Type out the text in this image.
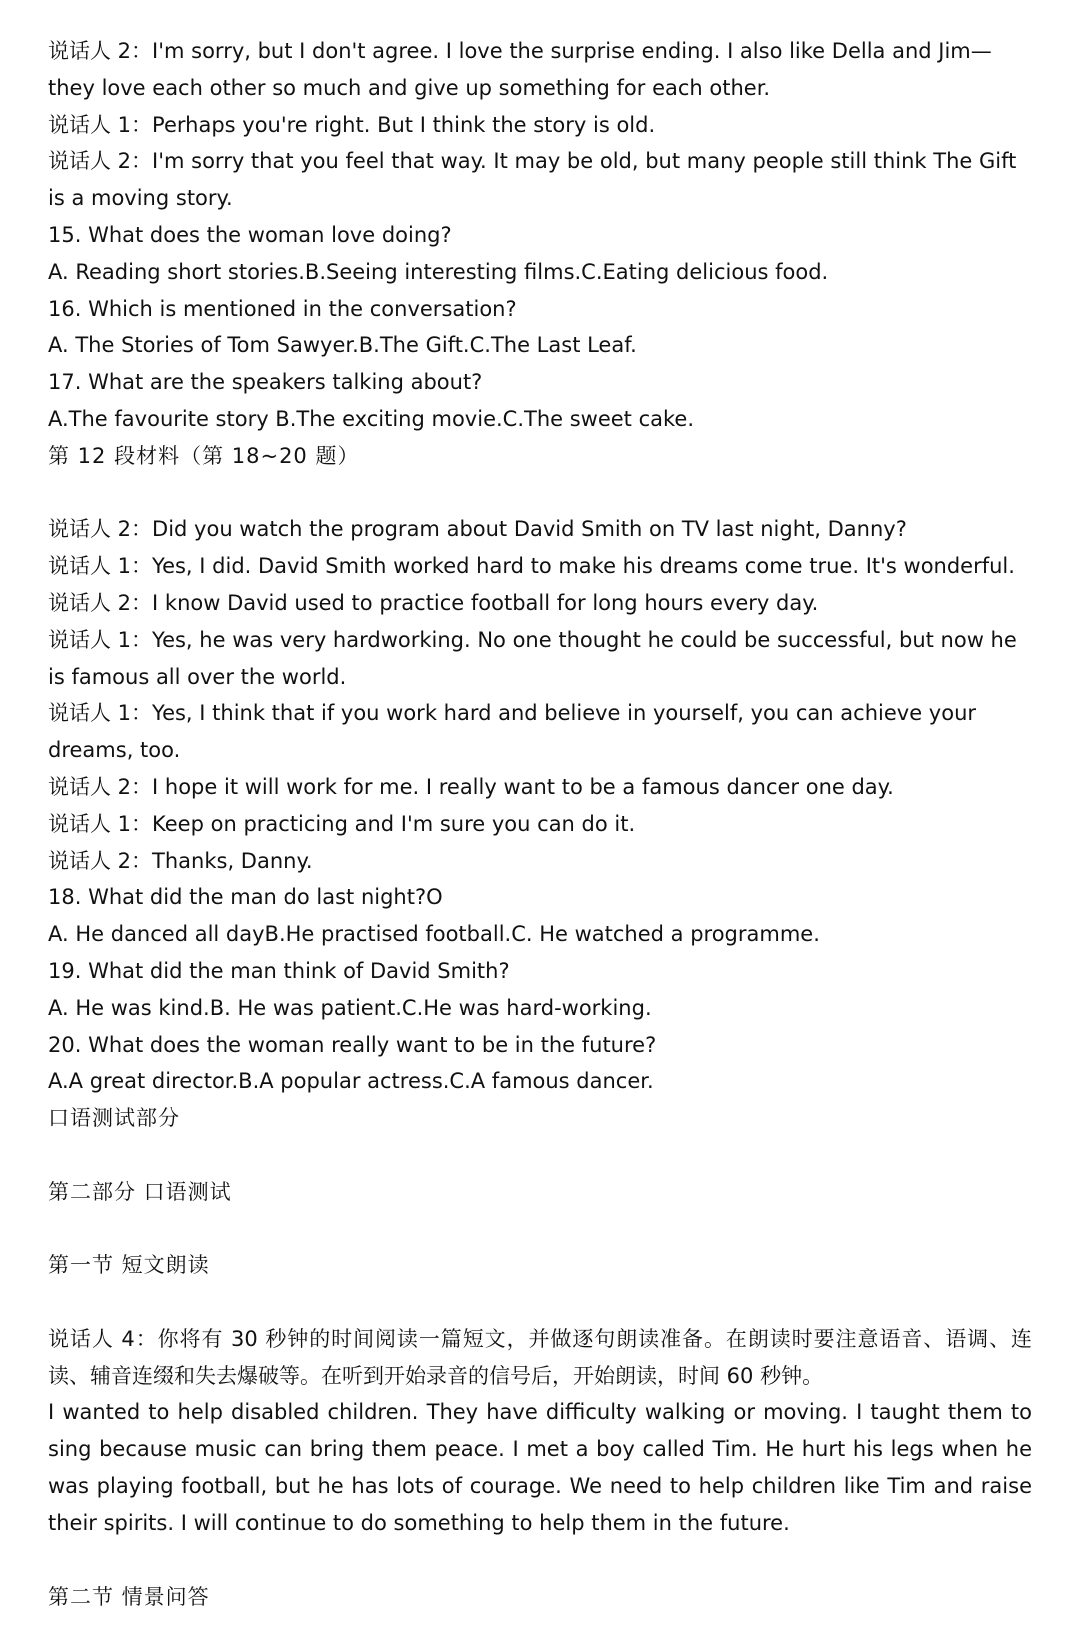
说话人 2：I'm sorry, but I don't agree. I love the surprise ending. I also like Della and Jim—they love each other so much and give up something for each other.
说话人 1：Perhaps you're right. But I think the story is old.
说话人 2：I'm sorry that you feel that way. It may be old, but many people still think The Gift is a moving story.
15. What does the woman love doing?
A. Reading short stories.B.Seeing interesting films.C.Eating delicious food.
16. Which is mentioned in the conversation?
A. The Stories of Tom Sawyer.B.The Gift.C.The Last Leaf.
17. What are the speakers talking about?
A.The favourite story B.The exciting movie.C.The sweet cake.
第 12 段材料（第 18~20 题）
说话人 2：Did you watch the program about David Smith on TV last night, Danny?
说话人 1：Yes, I did. David Smith worked hard to make his dreams come true. It's wonderful.
说话人 2：I know David used to practice football for long hours every day.
说话人 1：Yes, he was very hardworking. No one thought he could be successful, but now he is famous all over the world.
说话人 1：Yes, I think that if you work hard and believe in yourself, you can achieve your dreams, too.
说话人 2：I hope it will work for me. I really want to be a famous dancer one day.
说话人 1：Keep on practicing and I'm sure you can do it.
说话人 2：Thanks, Danny.
18. What did the man do last night?O
A. He danced all dayB.He practised football.C. He watched a programme.
19. What did the man think of David Smith?
A. He was kind.B. He was patient.C.He was hard-working.
20. What does the woman really want to be in the future?
A.A great director.B.A popular actress.C.A famous dancer.
口语测试部分
第二部分 口语测试
第一节 短文朗读
说话人 4：你将有 30 秒钟的时间阅读一篇短文，并做逐句朗读准备。在朗读时要注意语音、语调、连读、辅音连缀和失去爆破等。在听到开始录音的信号后，开始朗读，时间 60 秒钟。
I wanted to help disabled children. They have difficulty walking or moving. I taught them to sing because music can bring them peace. I met a boy called Tim. He hurt his legs when he was playing football, but he has lots of courage. We need to help children like Tim and raise their spirits. I will continue to do something to help them in the future.
第二节 情景问答
